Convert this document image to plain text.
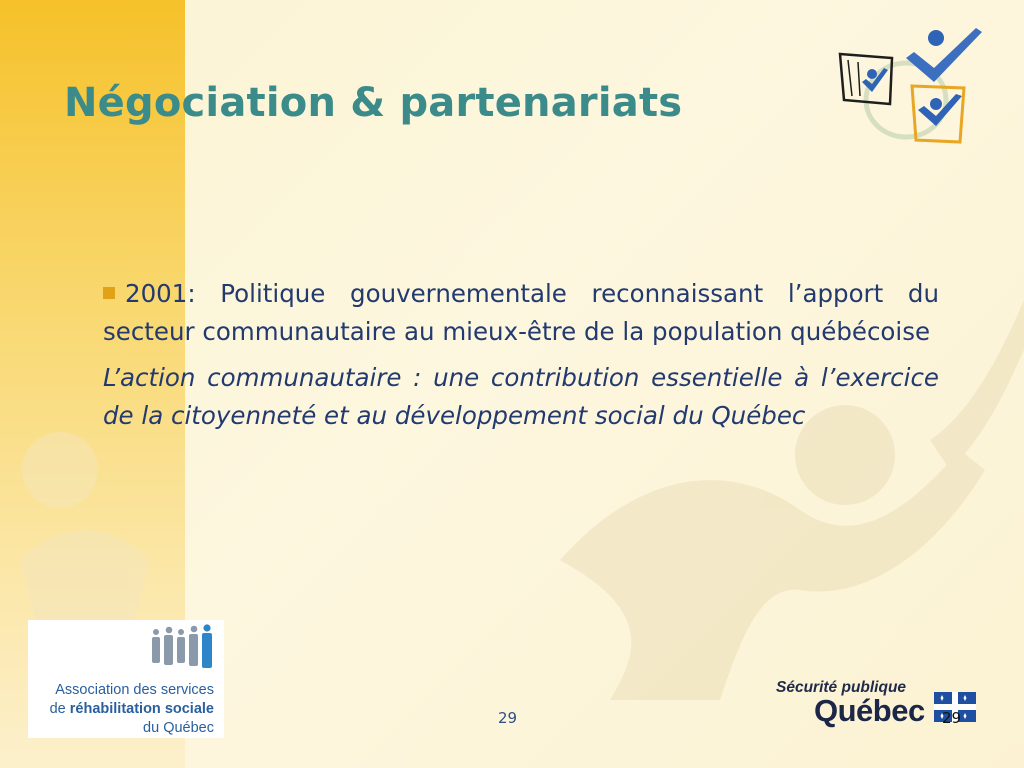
Négociation & partenariats

2001: Politique gouvernementale reconnaissant l’apport du secteur communautaire au mieux-être de la population québécoise

L’action communautaire : une contribution essentielle à l’exercice de la citoyenneté et au développement social du Québec

Association des services
de réhabilitation sociale
du Québec
29
Sécurité publique
Québec 29
